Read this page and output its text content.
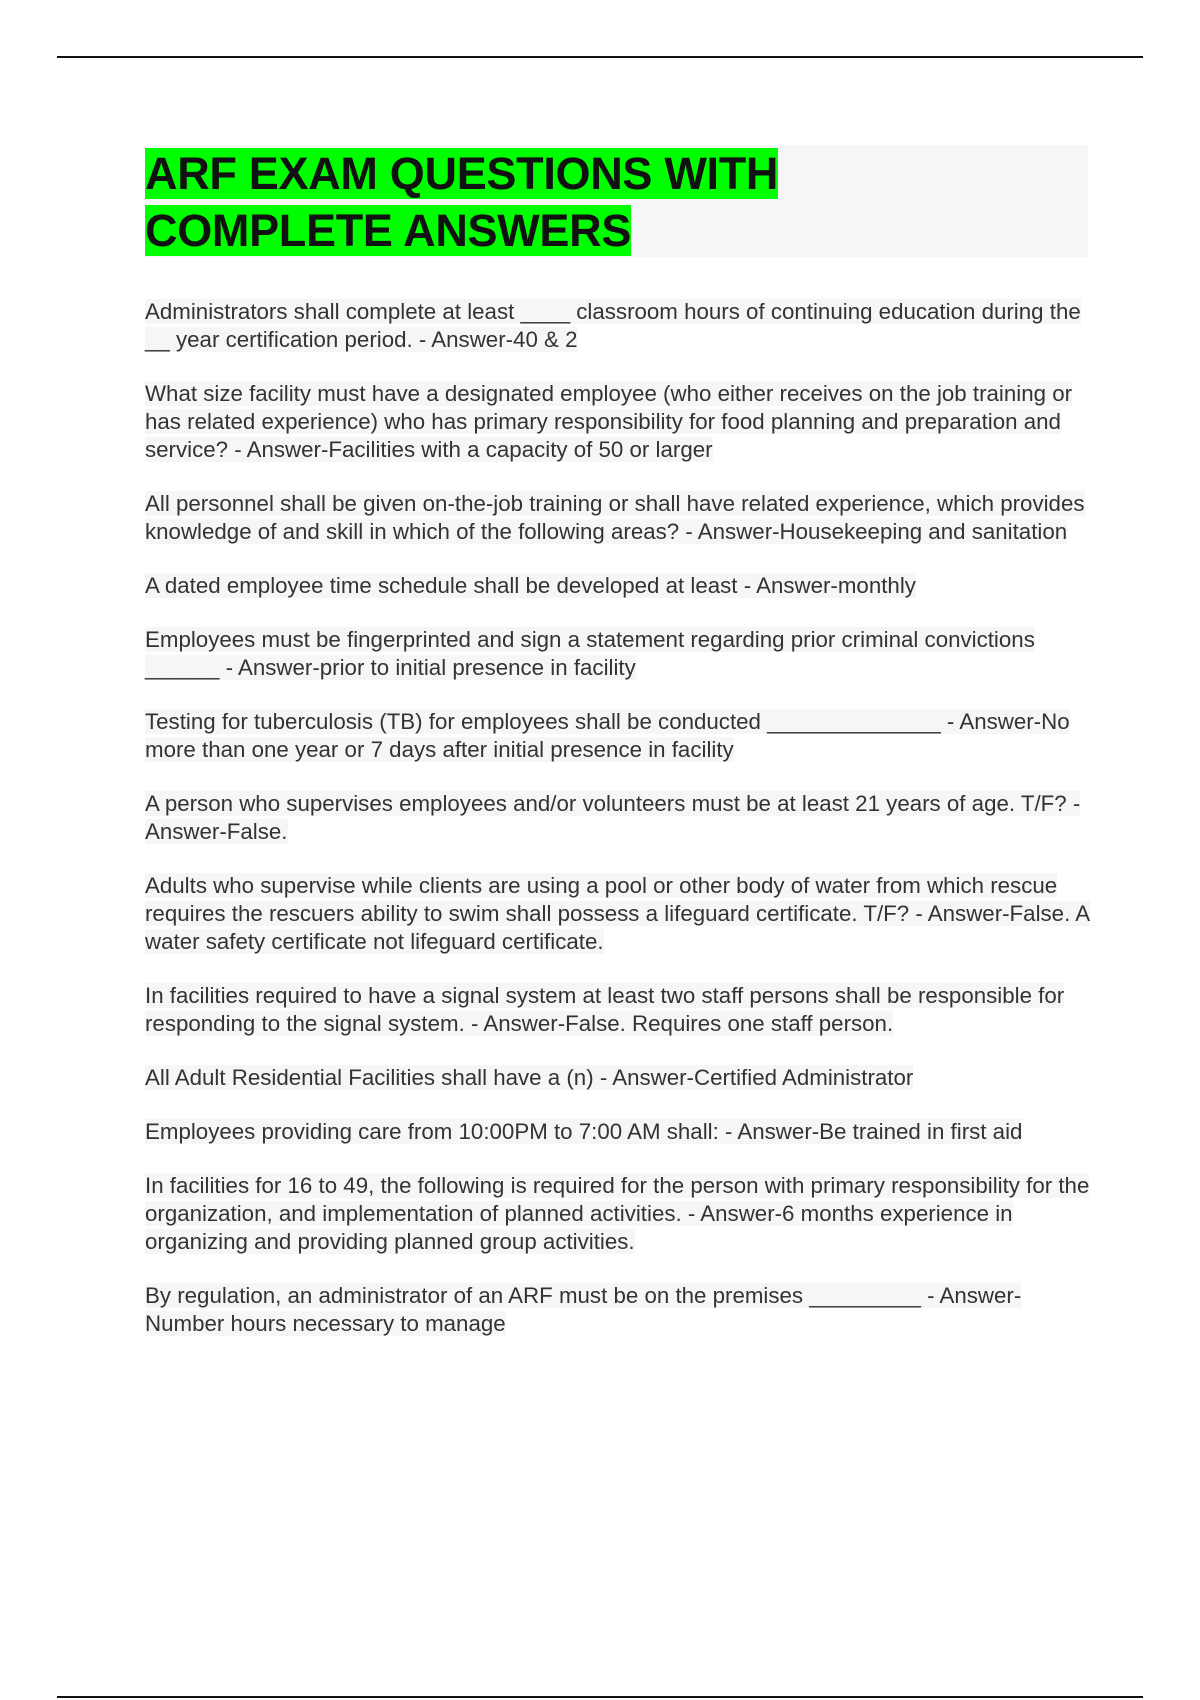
ARF EXAM QUESTIONS WITH
COMPLETE ANSWERS

Administrators shall complete at least ____ classroom hours of continuing education during the __ year certification period. - Answer-40 & 2

What size facility must have a designated employee (who either receives on the job training or has related experience) who has primary responsibility for food planning and preparation and service? - Answer-Facilities with a capacity of 50 or larger

All personnel shall be given on-the-job training or shall have related experience, which provides knowledge of and skill in which of the following areas? - Answer-Housekeeping and sanitation

A dated employee time schedule shall be developed at least - Answer-monthly

Employees must be fingerprinted and sign a statement regarding prior criminal convictions ______ - Answer-prior to initial presence in facility

Testing for tuberculosis (TB) for employees shall be conducted ______________ - Answer-No more than one year or 7 days after initial presence in facility

A person who supervises employees and/or volunteers must be at least 21 years of age. T/F? - Answer-False.

Adults who supervise while clients are using a pool or other body of water from which rescue requires the rescuers ability to swim shall possess a lifeguard certificate. T/F? - Answer-False. A water safety certificate not lifeguard certificate.

In facilities required to have a signal system at least two staff persons shall be responsible for responding to the signal system. - Answer-False. Requires one staff person.

All Adult Residential Facilities shall have a (n) - Answer-Certified Administrator

Employees providing care from 10:00PM to 7:00 AM shall: - Answer-Be trained in first aid

In facilities for 16 to 49, the following is required for the person with primary responsibility for the organization, and implementation of planned activities. - Answer-6 months experience in organizing and providing planned group activities.

By regulation, an administrator of an ARF must be on the premises _________ - Answer-Number hours necessary to manage
